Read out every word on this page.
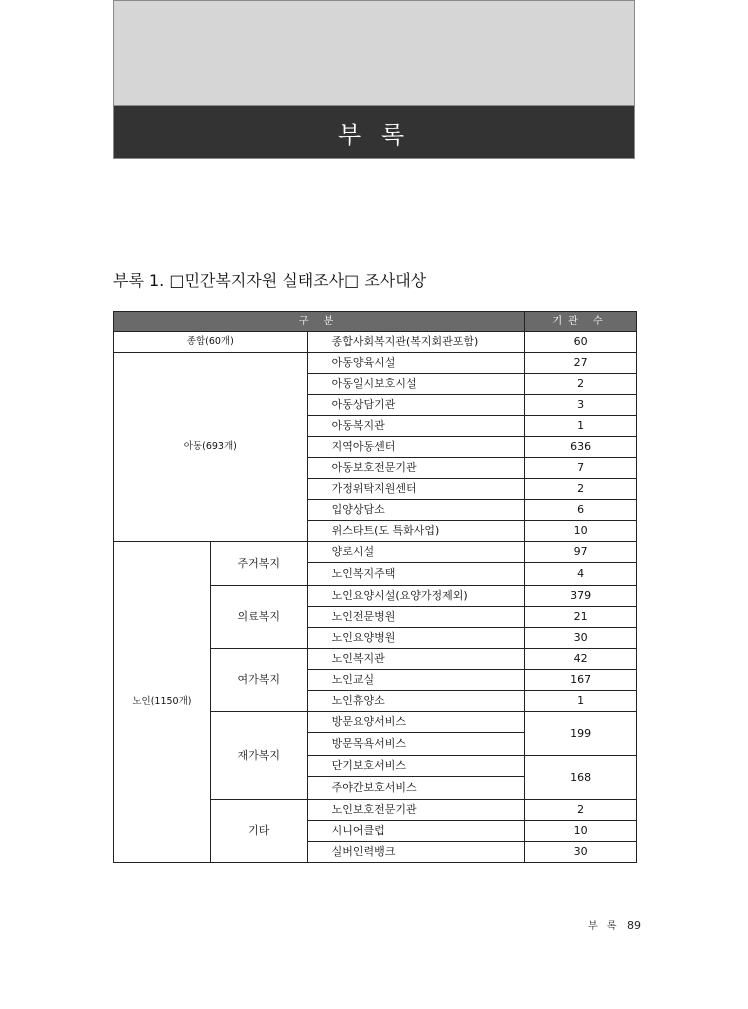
부 록
부록 1. □민간복지자원 실태조사□ 조사대상
구 분			기관 수
종합(60개)		종합사회복지관(복지회관포함)	60
아동(693개)		아동양육시설	27
		아동일시보호시설	2
		아동상담기관	3
		아동복지관	1
		지역아동센터	636
		아동보호전문기관	7
		가정위탁지원센터	2
		입양상담소	6
		위스타트(도 특화사업)	10
노인(1150개)	주거복지	양로시설	97
		노인복지주택	4
	의료복지	노인요양시설(요양가정제외)	379
		노인전문병원	21
		노인요양병원	30
	여가복지	노인복지관	42
		노인교실	167
		노인휴양소	1
	재가복지	방문요양서비스	199
		방문목욕서비스	
		단기보호서비스	168
		주야간보호서비스	
	기타	노인보호전문기관	2
		시니어클럽	10
		실버인력뱅크	30
부 록 89
